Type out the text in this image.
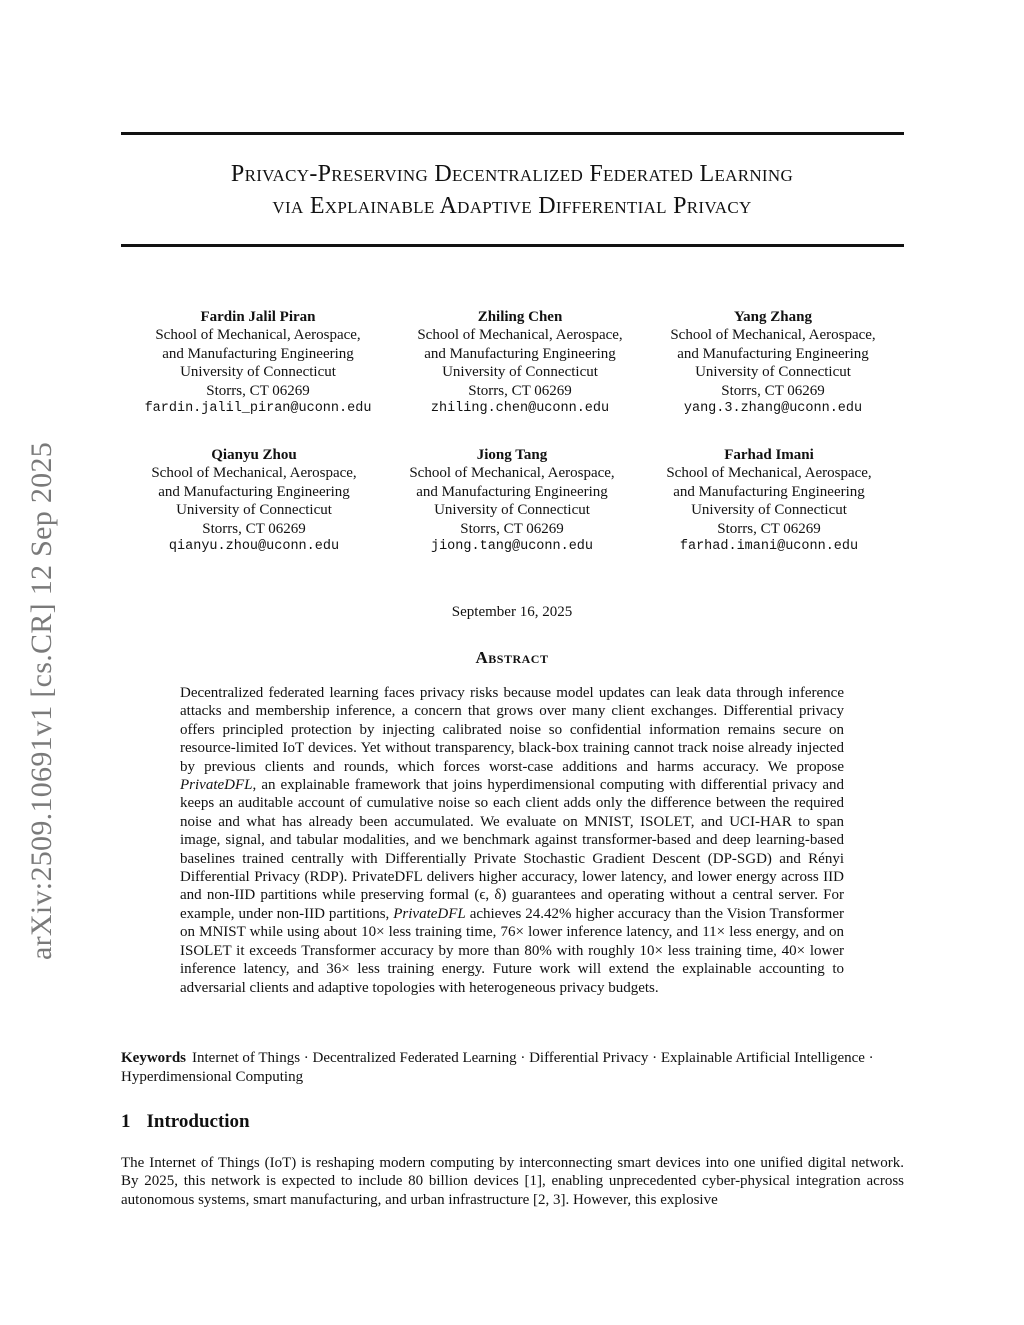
arXiv:2509.10691v1 [cs.CR] 12 Sep 2025
Privacy-Preserving Decentralized Federated Learning
via Explainable Adaptive Differential Privacy
Fardin Jalil Piran
School of Mechanical, Aerospace,
and Manufacturing Engineering
University of Connecticut
Storrs, CT 06269
fardin.jalil_piran@uconn.edu
Zhiling Chen
School of Mechanical, Aerospace,
and Manufacturing Engineering
University of Connecticut
Storrs, CT 06269
zhiling.chen@uconn.edu
Yang Zhang
School of Mechanical, Aerospace,
and Manufacturing Engineering
University of Connecticut
Storrs, CT 06269
yang.3.zhang@uconn.edu
Qianyu Zhou
School of Mechanical, Aerospace,
and Manufacturing Engineering
University of Connecticut
Storrs, CT 06269
qianyu.zhou@uconn.edu
Jiong Tang
School of Mechanical, Aerospace,
and Manufacturing Engineering
University of Connecticut
Storrs, CT 06269
jiong.tang@uconn.edu
Farhad Imani
School of Mechanical, Aerospace,
and Manufacturing Engineering
University of Connecticut
Storrs, CT 06269
farhad.imani@uconn.edu
September 16, 2025
Abstract

Decentralized federated learning faces privacy risks because model updates can leak data through inference attacks and membership inference, a concern that grows over many client exchanges. Differential privacy offers principled protection by injecting calibrated noise so confidential information remains secure on resource-limited IoT devices. Yet without transparency, black-box training cannot track noise already injected by previous clients and rounds, which forces worst-case additions and harms accuracy. We propose PrivateDFL, an explainable framework that joins hyperdimensional computing with differential privacy and keeps an auditable account of cumulative noise so each client adds only the difference between the required noise and what has already been accumulated. We evaluate on MNIST, ISOLET, and UCI-HAR to span image, signal, and tabular modalities, and we benchmark against transformer-based and deep learning-based baselines trained centrally with Differentially Private Stochastic Gradient Descent (DP-SGD) and Rényi Differential Privacy (RDP). PrivateDFL delivers higher accuracy, lower latency, and lower energy across IID and non-IID partitions while preserving formal (ϵ, δ) guarantees and operating without a central server. For example, under non-IID partitions, PrivateDFL achieves 24.42% higher accuracy than the Vision Transformer on MNIST while using about 10× less training time, 76× lower inference latency, and 11× less energy, and on ISOLET it exceeds Transformer accuracy by more than 80% with roughly 10× less training time, 40× lower inference latency, and 36× less training energy. Future work will extend the explainable accounting to adversarial clients and adaptive topologies with heterogeneous privacy budgets.

Keywords Internet of Things · Decentralized Federated Learning · Differential Privacy · Explainable Artificial Intelligence · Hyperdimensional Computing
1 Introduction

The Internet of Things (IoT) is reshaping modern computing by interconnecting smart devices into one unified digital network. By 2025, this network is expected to include 80 billion devices [1], enabling unprecedented cyber-physical integration across autonomous systems, smart manufacturing, and urban infrastructure [2, 3]. However, this explosive
